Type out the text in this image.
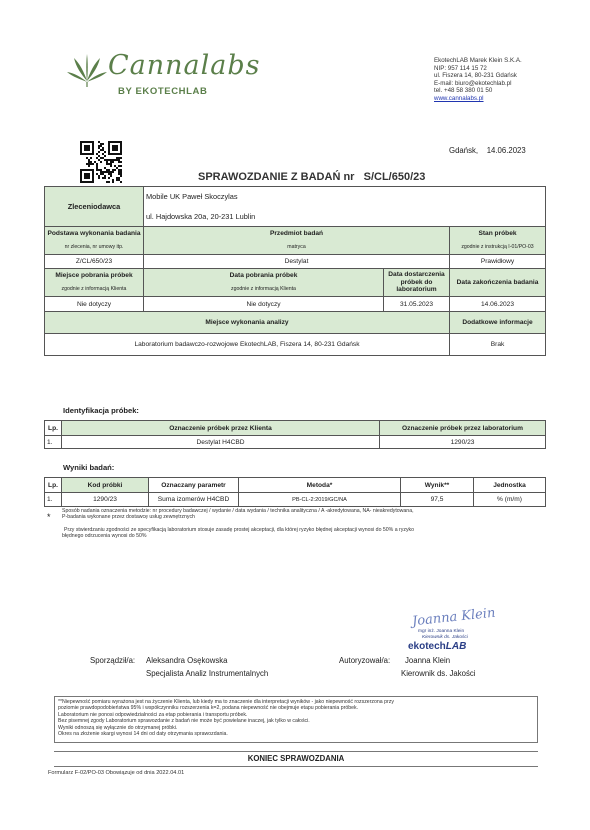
Cannalabs
BY EKOTECHLAB
EkotechLAB Marek Klein S.K.A.
NIP: 957 114 15 72
ul. Fiszera 14, 80-231 Gdańsk
E-mail: biuro@ekotechlab.pl
tel. +48 58 380 01 50
www.cannalabs.pl
Gdańsk,    14.06.2023
SPRAWOZDANIE Z BADAŃ nr   S/CL/650/23
Zleceniodawca	Mobile UK Paweł Skoczylas		
	ul. Hajdowska 20a, 20-231 Lublin		
Podstawa wykonania badania	Przedmiot badań		Stan próbek
nr zlecenia, nr umowy itp.	matryca		zgodnie z instrukcją I-01/PO-03
Z/CL/650/23	Destylat		Prawidłowy
Miejsce pobrania próbek	Data pobrania próbek	Data dostarczenia próbek do laboratorium	Data zakończenia badania
zgodnie z informacją Klienta	zgodnie z informacją Klienta		
Nie dotyczy	Nie dotyczy	31.05.2023	14.06.2023
Miejsce wykonania analizy			Dodatkowe informacje
Laboratorium badawczo-rozwojowe EkotechLAB, Fiszera 14, 80-231 Gdańsk			Brak
Identyfikacja próbek:
Lp.	Oznaczenie próbek przez Klienta	Oznaczenie próbek przez laboratorium
1.	Destylat H4CBD	1290/23
Wyniki badań:
Lp.	Kod próbki	Oznaczany parametr	Metoda*	Wynik**	Jednostka
1.	1290/23	Suma izomerów H4CBD	PB-CL-2:2019/GC/NA	97,5	% (m/m)
*
Sposób nadania oznaczenia metodzie: nr procedury badawczej / wydanie / data wydania / technika analityczna / A -akredytowana, NA- nieakredytowana,
P-badania wykonane przez dostawcę usług zewnętrznych
Przy stwierdzaniu zgodności ze specyfikacją laboratorium stosuje zasadę prostej akceptacji, dla której ryzyko błędnej akceptacji wynosi do 50% a ryzyko
błędnego odrzucenia wynosi do 50%
Joanna Klein
mgr inż. Joanna Klein
Kierownik ds. Jakości
ekotechLAB
Sporządził/a: Aleksandra Osękowska
Specjalista Analiz Instrumentalnych
Autoryzował/a:	Joanna Klein
Kierownik ds. Jakości
**Niepewność pomiaru wyrażona jest na życzenie Klienta, lub kiedy ma to znaczenie dla interpretacji wyników - jako niepewność rozszerzona przy
poziomie prawdopodobieństwa 95% i współczynniku rozszerzenia k=2, podana niepewność nie obejmuje etapu pobierania próbek.
Laboratorium nie ponosi odpowiedzialności za etap pobierania i transportu próbek.
Bez pisemnej zgody Laboratorium sprawozdanie z badań nie może być powielane inaczej, jak tylko w całości.
Wyniki odnoszą się wyłącznie do otrzymanej próbki.
Okres na złożenie skargi wynosi 14 dni od daty otrzymania sprawozdania.
KONIEC SPRAWOZDANIA
Formularz F-02/PO-03 Obowiązuje od dnia 2022.04.01
